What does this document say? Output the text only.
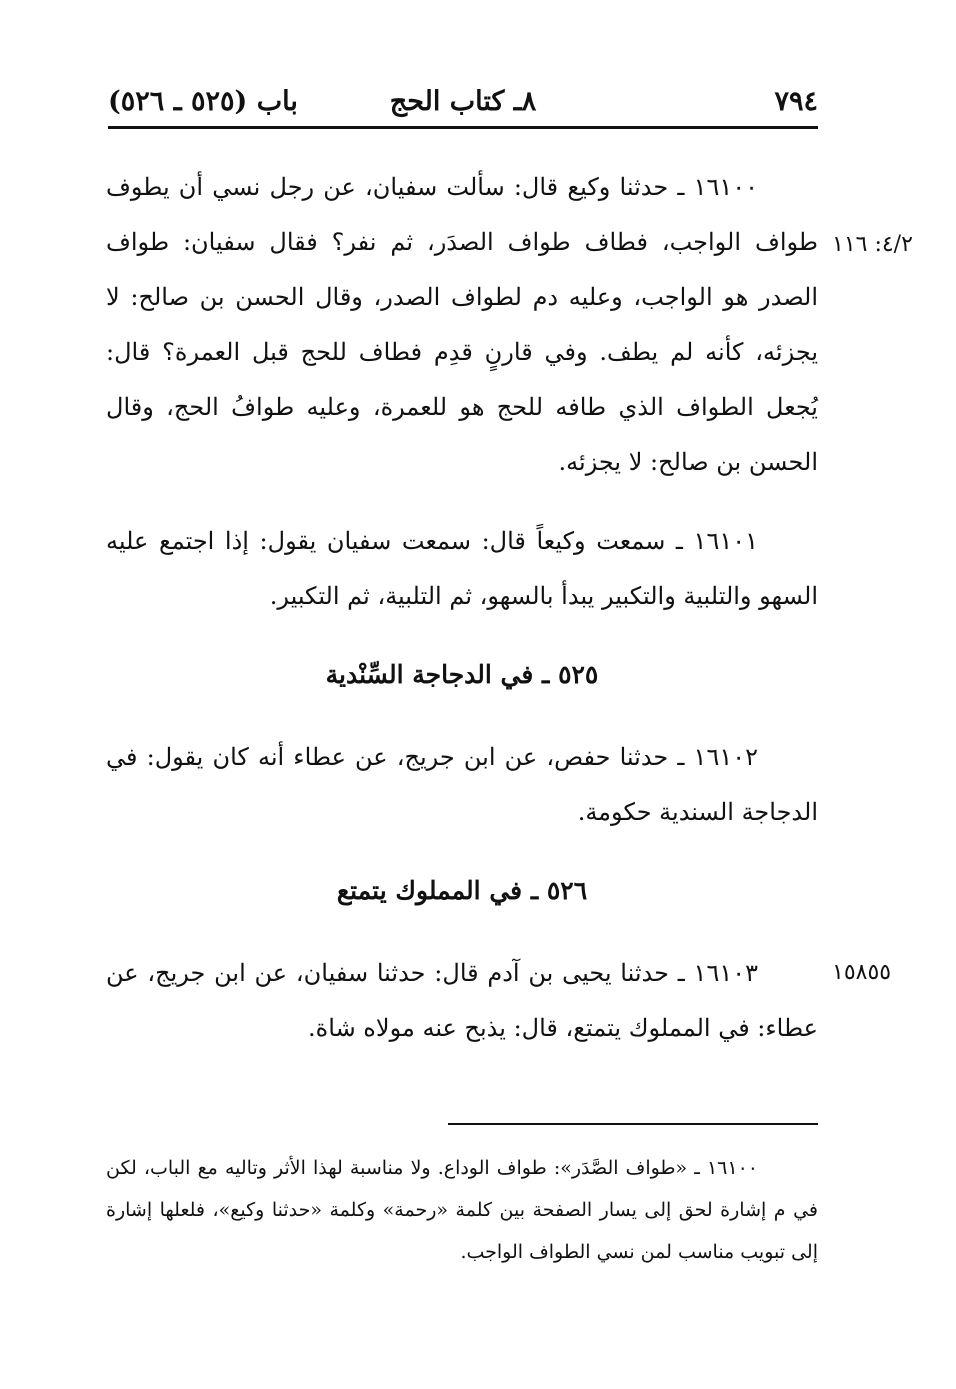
٧٩٤
٨ـ كتاب الحج
باب (٥٢٥ ـ ٥٢٦)
٤/٢: ١١٦
١٦١٠٠ ـ حدثنا وكيع قال: سألت سفيان، عن رجل نسي أن يطوف طواف الواجب، فطاف طواف الصدَر، ثم نفر؟ فقال سفيان: طواف الصدر هو الواجب، وعليه دم لطواف الصدر، وقال الحسن بن صالح: لا يجزئه، كأنه لم يطف. وفي قارنٍ قدِم فطاف للحج قبل العمرة؟ قال: يُجعل الطواف الذي طافه للحج هو للعمرة، وعليه طوافُ الحج، وقال الحسن بن صالح: لا يجزئه.
١٦١٠١ ـ سمعت وكيعاً قال: سمعت سفيان يقول: إذا اجتمع عليه السهو والتلبية والتكبير يبدأ بالسهو، ثم التلبية، ثم التكبير.
٥٢٥ ـ في الدجاجة السِّنْدية
١٦١٠٢ ـ حدثنا حفص، عن ابن جريج، عن عطاء أنه كان يقول: في الدجاجة السندية حكومة.
٥٢٦ ـ في المملوك يتمتع
١٥٨٥٥
١٦١٠٣ ـ حدثنا يحيى بن آدم قال: حدثنا سفيان، عن ابن جريج، عن عطاء: في المملوك يتمتع، قال: يذبح عنه مولاه شاة.
١٦١٠٠ ـ «طواف الصَّدَر»: طواف الوداع. ولا مناسبة لهذا الأثر وتاليه مع الباب، لكن في م إشارة لحق إلى يسار الصفحة بين كلمة «رحمة» وكلمة «حدثنا وكيع»، فلعلها إشارة إلى تبويب مناسب لمن نسي الطواف الواجب.
